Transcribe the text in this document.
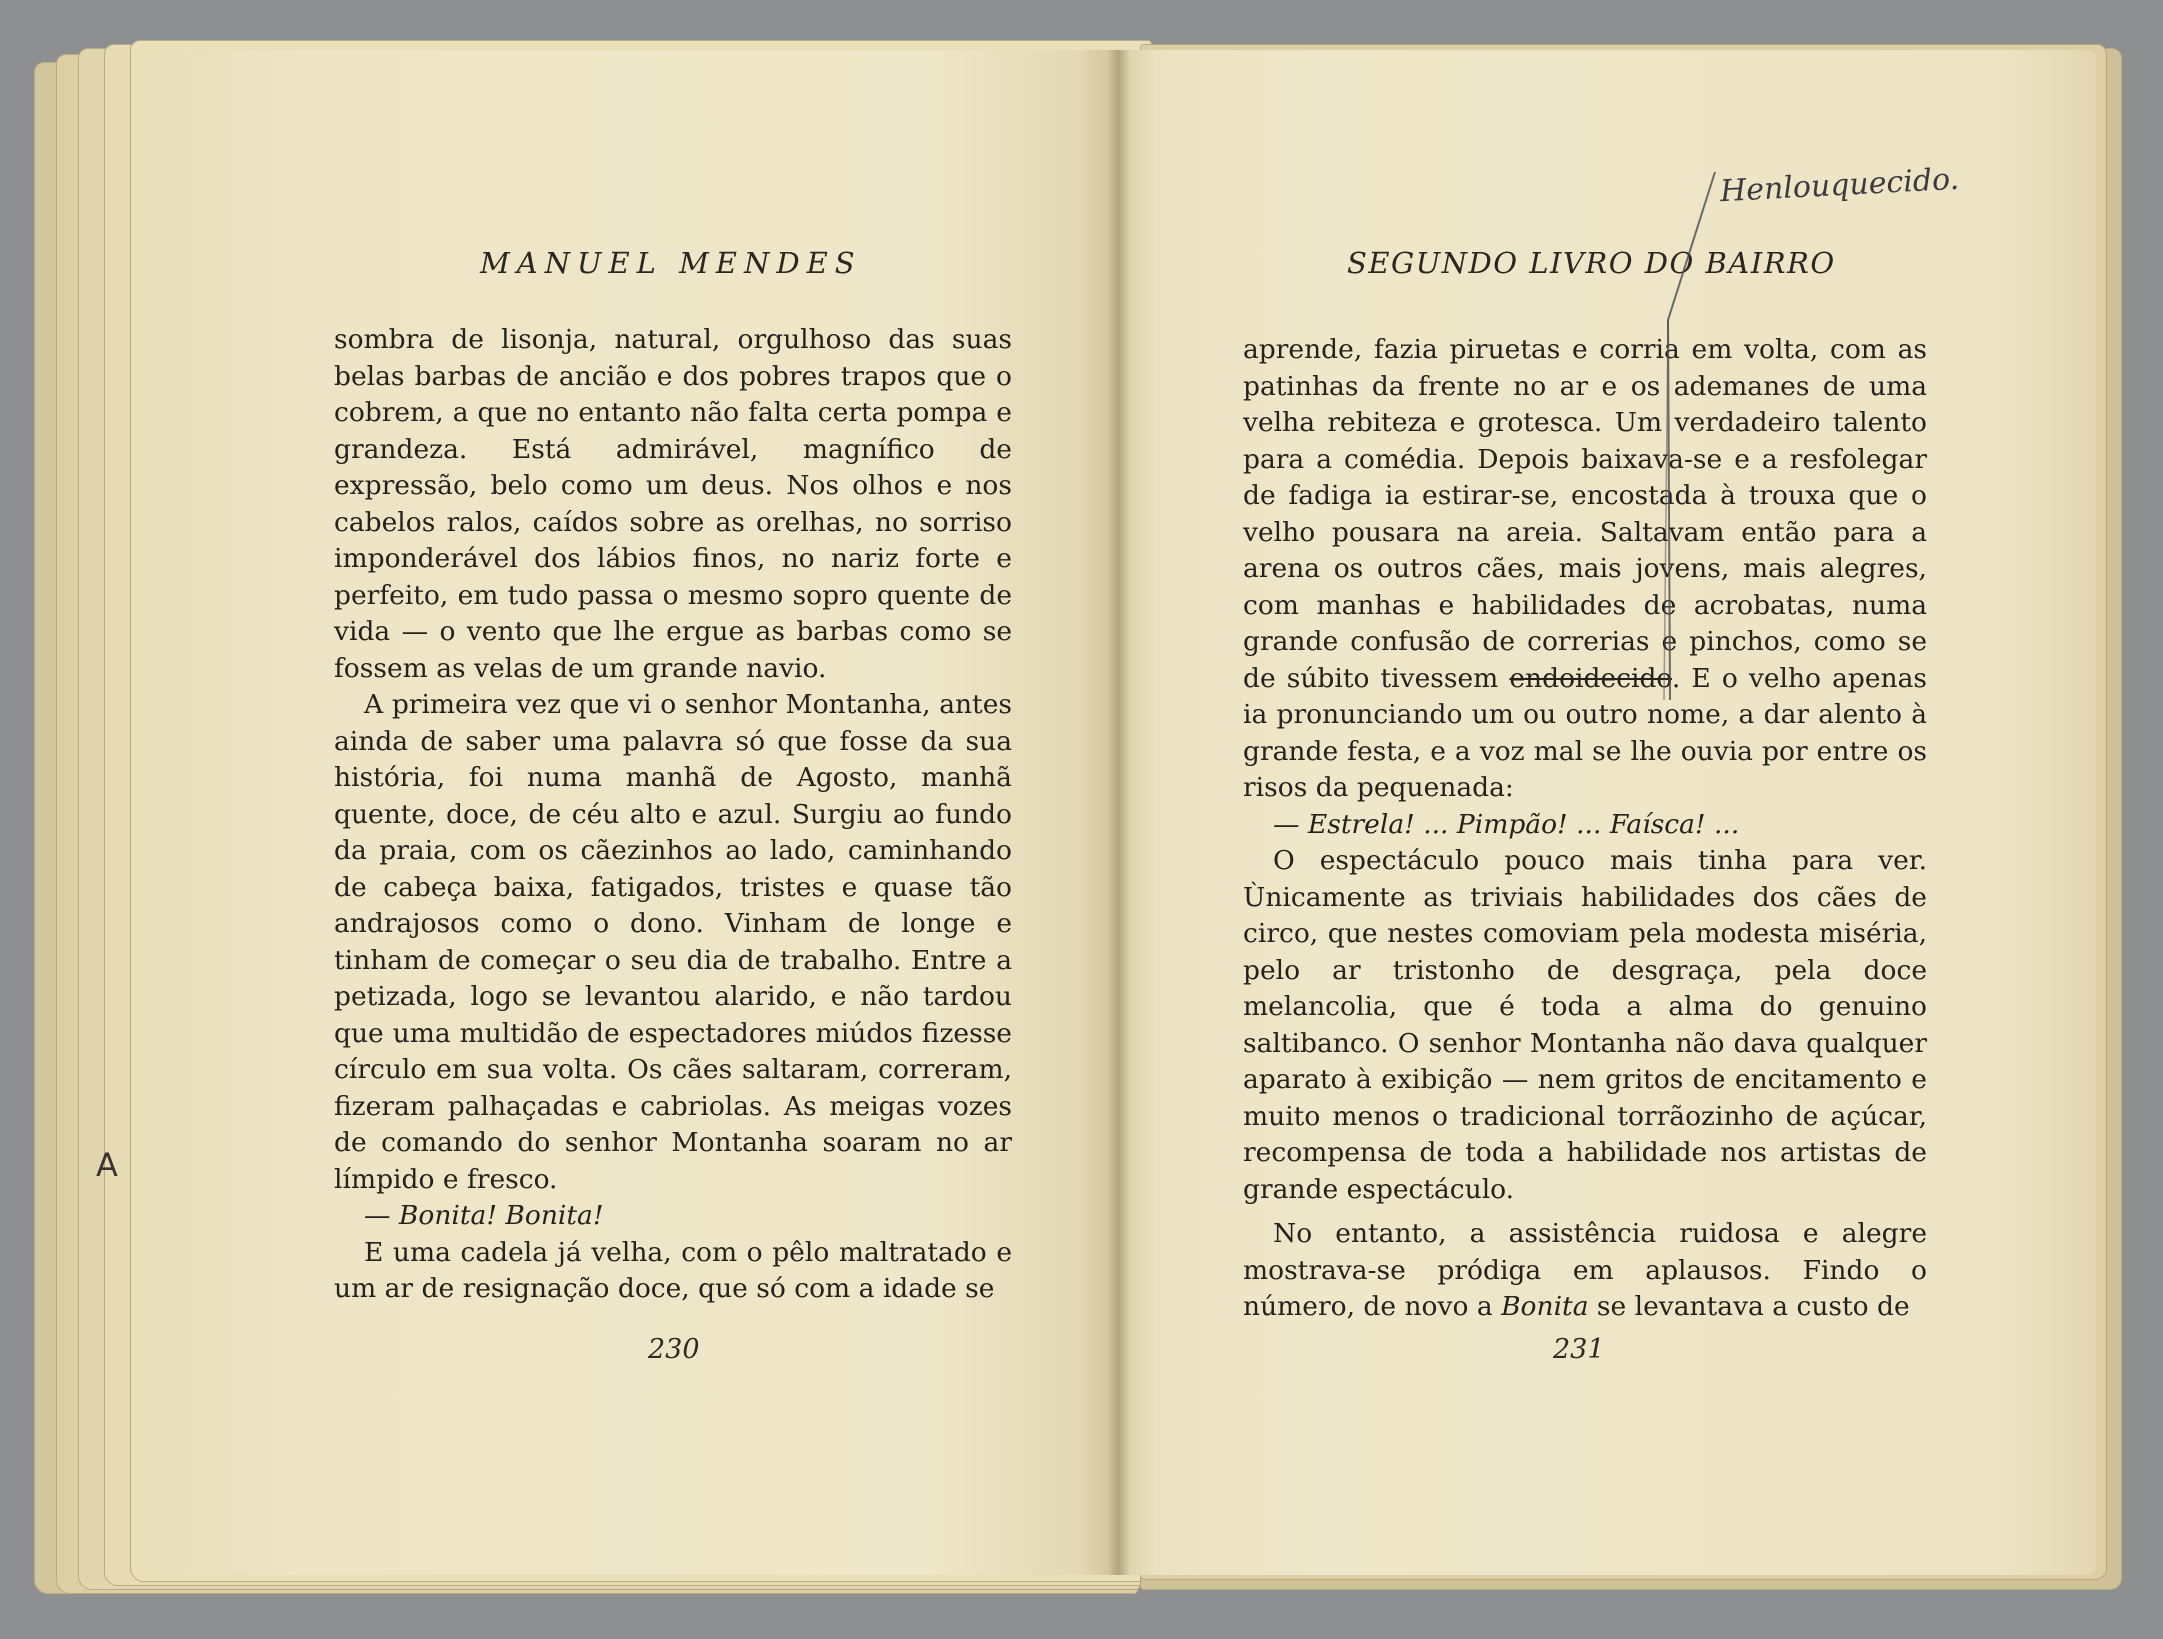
MANUEL MENDES

sombra de lisonja, natural, orgulhoso das suas belas barbas de ancião e dos pobres trapos que o cobrem, a que no entanto não falta certa pompa e grandeza. Está admirável, magnífico de expressão, belo como um deus. Nos olhos e nos cabelos ralos, caídos sobre as orelhas, no sorriso imponderável dos lábios finos, no nariz forte e perfeito, em tudo passa o mesmo sopro quente de vida — o vento que lhe ergue as barbas como se fossem as velas de um grande navio.

A primeira vez que vi o senhor Montanha, antes ainda de saber uma palavra só que fosse da sua história, foi numa manhã de Agosto, manhã quente, doce, de céu alto e azul. Surgiu ao fundo da praia, com os cãezinhos ao lado, caminhando de cabeça baixa, fatigados, tristes e quase tão andrajosos como o dono. Vinham de longe e tinham de começar o seu dia de trabalho. Entre a petizada, logo se levantou alarido, e não tardou que uma multidão de espectadores miúdos fizesse círculo em sua volta. Os cães saltaram, correram, fizeram palhaçadas e cabriolas. As meigas vozes de comando do senhor Montanha soaram no ar límpido e fresco.

— Bonita! Bonita!

E uma cadela já velha, com o pêlo maltratado e um ar de resignação doce, que só com a idade se

230
A
SEGUNDO LIVRO DO BAIRRO
Henlouquecido.

aprende, fazia piruetas e corria em volta, com as patinhas da frente no ar e os ademanes de uma velha rebiteza e grotesca. Um verdadeiro talento para a comédia. Depois baixava-se e a resfolegar de fadiga ia estirar-se, encostada à trouxa que o velho pousara na areia. Saltavam então para a arena os outros cães, mais jovens, mais alegres, com manhas e habilidades de acrobatas, numa grande confusão de correrias e pinchos, como se de súbito tivessem endoidecido. E o velho apenas ia pronunciando um ou outro nome, a dar alento à grande festa, e a voz mal se lhe ouvia por entre os risos da pequenada:

— Estrela! ... Pimpão! ... Faísca! ...

O espectáculo pouco mais tinha para ver. Ùnicamente as triviais habilidades dos cães de circo, que nestes comoviam pela modesta miséria, pelo ar tristonho de desgraça, pela doce melancolia, que é toda a alma do genuino saltibanco. O senhor Montanha não dava qualquer aparato à exibição — nem gritos de encitamento e muito menos o tradicional torrãozinho de açúcar, recompensa de toda a habilidade nos artistas de grande espectáculo.

No entanto, a assistência ruidosa e alegre mostrava-se pródiga em aplausos. Findo o número, de novo a Bonita se levantava a custo de

231
